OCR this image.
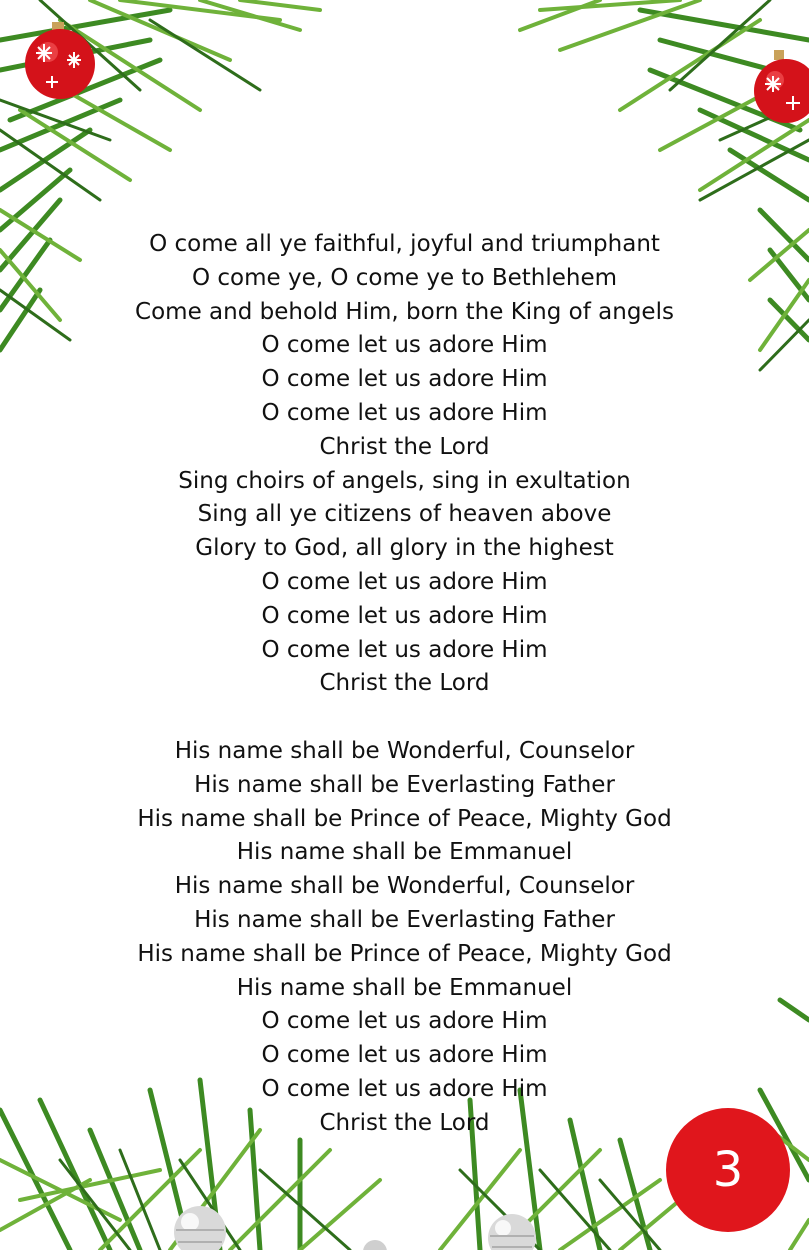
O come all ye faithful, joyful and triumphant
O come ye, O come ye to Bethlehem
Come and behold Him, born the King of angels
O come let us adore Him
O come let us adore Him
O come let us adore Him
Christ the Lord
Sing choirs of angels, sing in exultation
Sing all ye citizens of heaven above
Glory to God, all glory in the highest
O come let us adore Him
O come let us adore Him
O come let us adore Him
Christ the Lord
His name shall be Wonderful, Counselor
His name shall be Everlasting Father
His name shall be Prince of Peace, Mighty God
His name shall be Emmanuel
His name shall be Wonderful, Counselor
His name shall be Everlasting Father
His name shall be Prince of Peace, Mighty God
His name shall be Emmanuel
O come let us adore Him
O come let us adore Him
O come let us adore Him
Christ the Lord
3
